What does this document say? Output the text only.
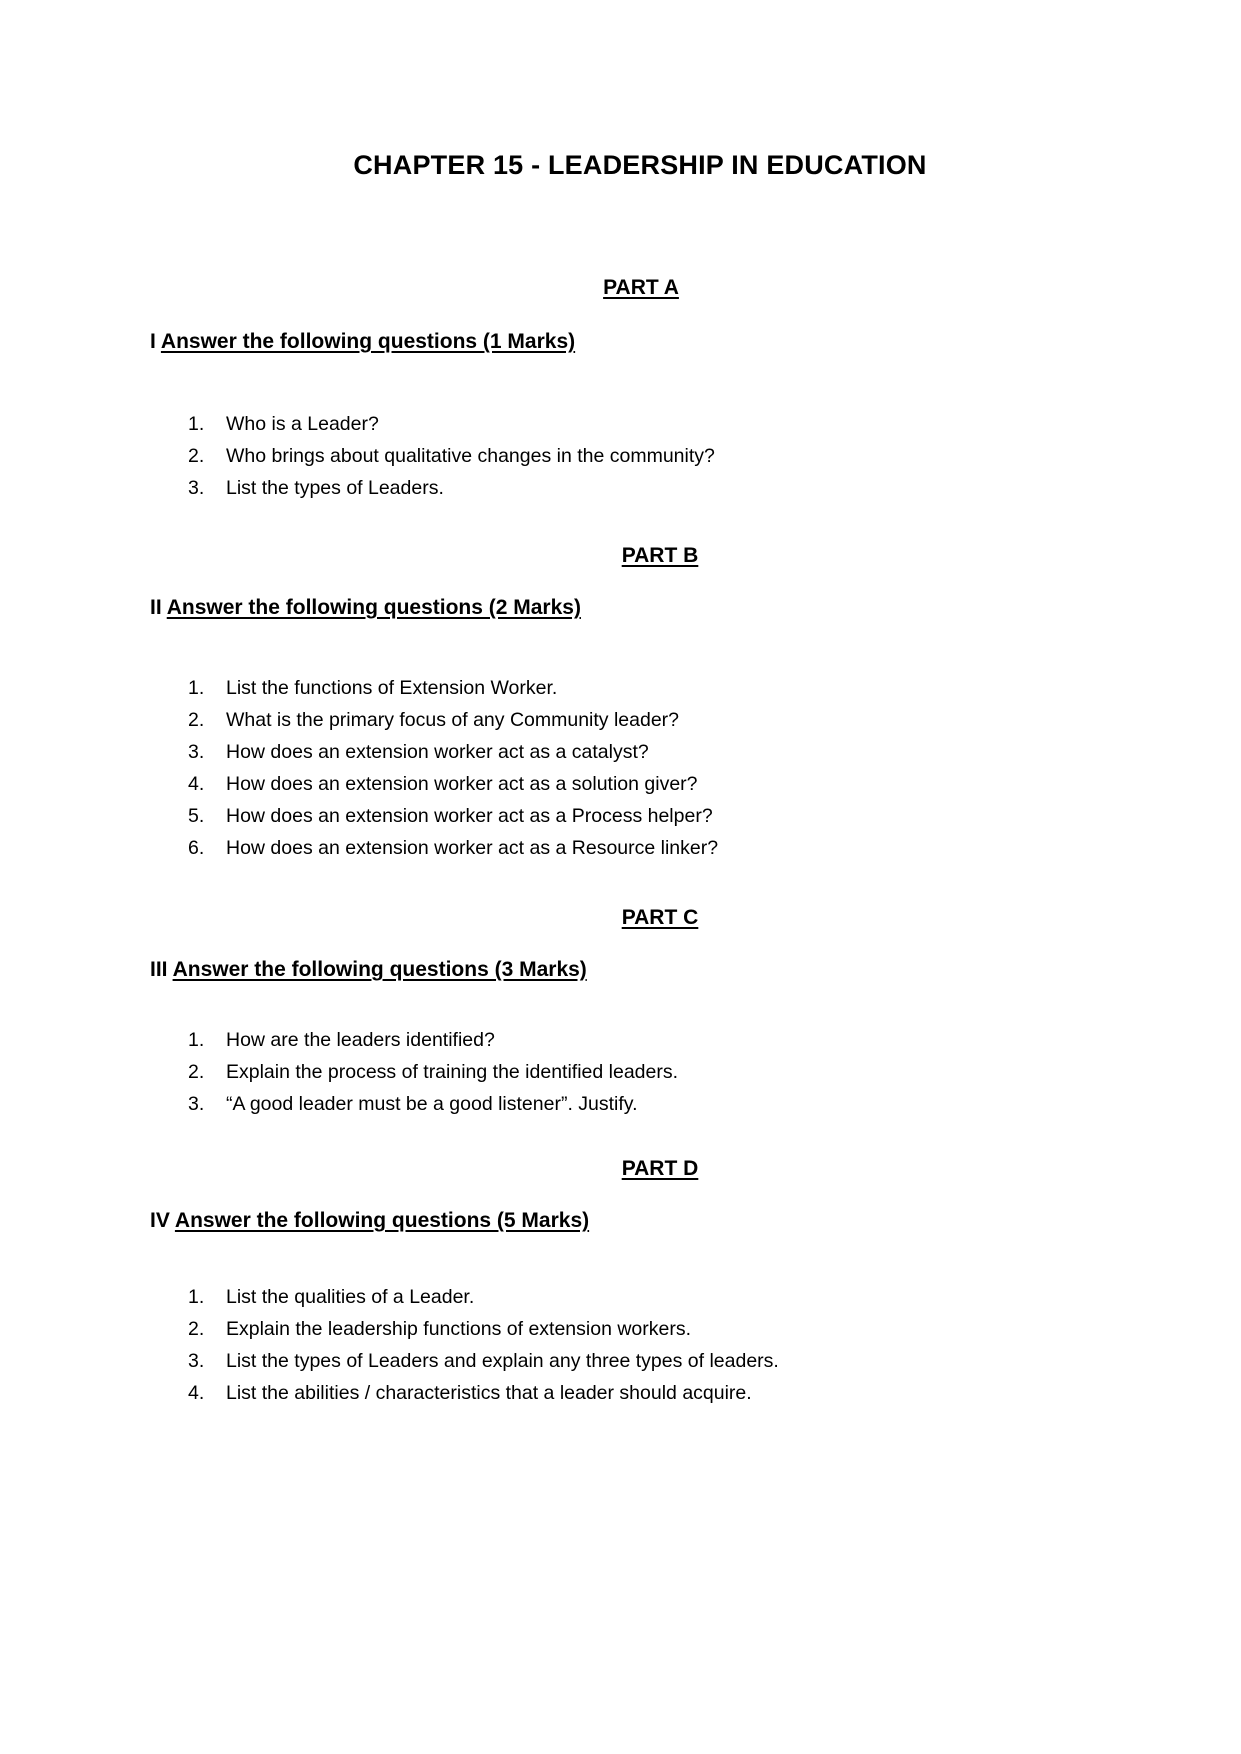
CHAPTER 15 - LEADERSHIP IN EDUCATION
PART A
I Answer the following questions (1 Marks)
1.	Who is a Leader?
2.	Who brings about qualitative changes in the community?
3.	List the types of Leaders.
PART B
II Answer the following questions (2 Marks)
1.	List the functions of Extension Worker.
2.	What is the primary focus of any Community leader?
3.	How does an extension worker act as a catalyst?
4.	How does an extension worker act as a solution giver?
5.	How does an extension worker act as a Process helper?
6.	How does an extension worker act as a Resource linker?
PART C
III Answer the following questions (3 Marks)
1.	How are the leaders identified?
2.	Explain the process of training the identified leaders.
3.	“A good leader must be a good listener”. Justify.
PART D
IV Answer the following questions (5 Marks)
1.	List the qualities of a Leader.
2.	Explain the leadership functions of extension workers.
3.	List the types of Leaders and explain any three types of leaders.
4.	List the abilities / characteristics that a leader should acquire.
